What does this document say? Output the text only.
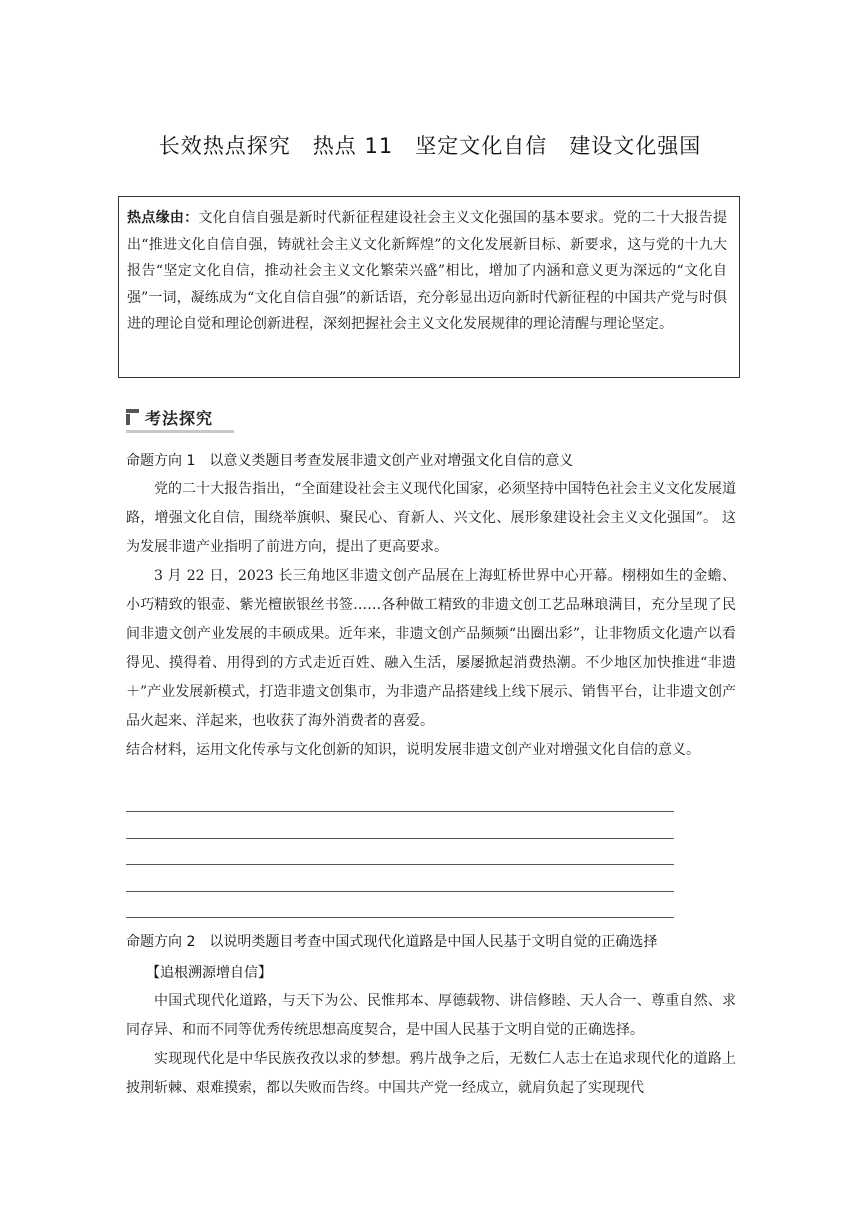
长效热点探究　热点 11　坚定文化自信　建设文化强国
热点缘由：文化自信自强是新时代新征程建设社会主义文化强国的基本要求。党的二十大报告提出“推进文化自信自强，铸就社会主义文化新辉煌”的文化发展新目标、新要求，这与党的十九大报告“坚定文化自信，推动社会主义文化繁荣兴盛”相比，增加了内涵和意义更为深远的“文化自强”一词，凝练成为“文化自信自强”的新话语，充分彰显出迈向新时代新征程的中国共产党与时俱进的理论自觉和理论创新进程，深刻把握社会主义文化发展规律的理论清醒与理论坚定。
考法探究
命题方向 1　以意义类题目考查发展非遗文创产业对增强文化自信的意义
党的二十大报告指出，“全面建设社会主义现代化国家，必须坚持中国特色社会主义文化发展道路，增强文化自信，围绕举旗帜、聚民心、育新人、兴文化、展形象建设社会主义文化强国”。 这为发展非遗产业指明了前进方向，提出了更高要求。
3 月 22 日，2023 长三角地区非遗文创产品展在上海虹桥世界中心开幕。栩栩如生的金蟾、小巧精致的银壶、紫光檀嵌银丝书签……各种做工精致的非遗文创工艺品琳琅满目，充分呈现了民间非遗文创产业发展的丰硕成果。近年来，非遗文创产品频频“出圈出彩”，让非物质文化遗产以看得见、摸得着、用得到的方式走近百姓、融入生活，屡屡掀起消费热潮。不少地区加快推进“非遗＋”产业发展新模式，打造非遗文创集市，为非遗产品搭建线上线下展示、销售平台，让非遗文创产品火起来、洋起来，也收获了海外消费者的喜爱。
结合材料，运用文化传承与文化创新的知识，说明发展非遗文创产业对增强文化自信的意义。
命题方向 2　以说明类题目考查中国式现代化道路是中国人民基于文明自觉的正确选择
【追根溯源增自信】
中国式现代化道路，与天下为公、民惟邦本、厚德载物、讲信修睦、天人合一、尊重自然、求同存异、和而不同等优秀传统思想高度契合，是中国人民基于文明自觉的正确选择。
实现现代化是中华民族孜孜以求的梦想。鸦片战争之后，无数仁人志士在追求现代化的道路上披荆斩棘、艰难摸索，都以失败而告终。中国共产党一经成立，就肩负起了实现现代
